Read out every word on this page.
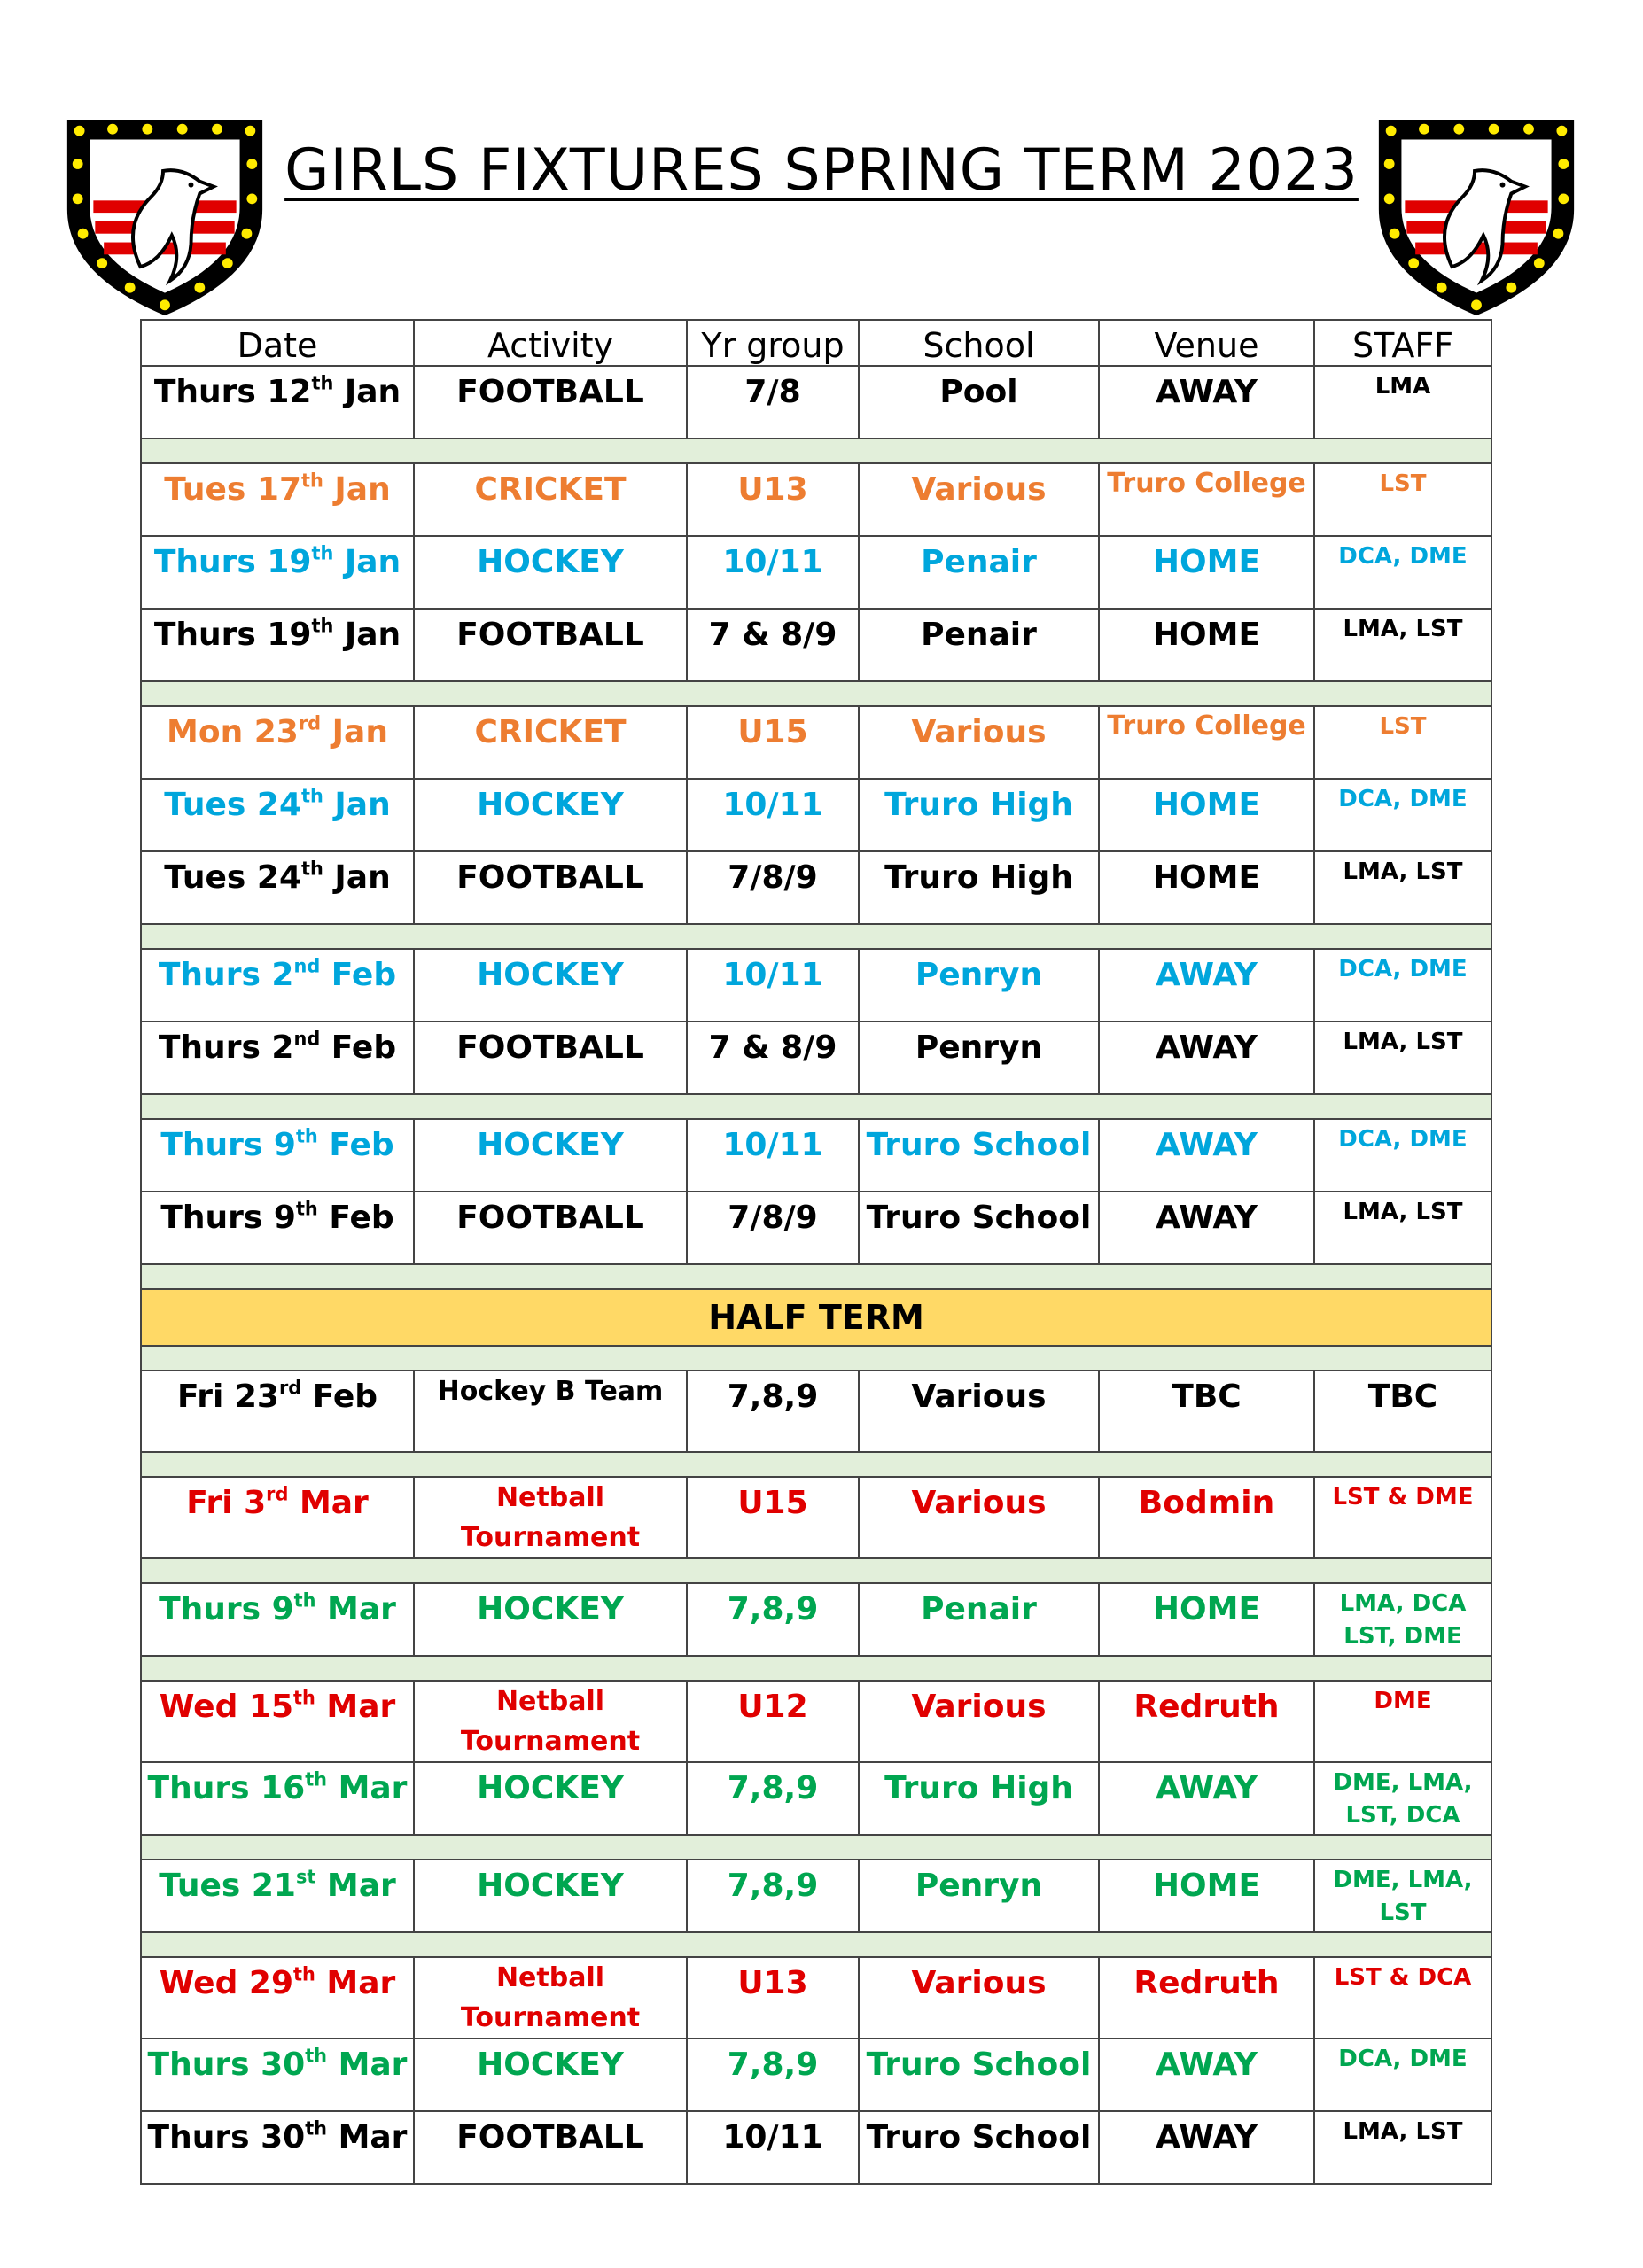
GIRLS FIXTURES SPRING TERM 2023
Date	Activity	Yr group	School	Venue	STAFF
Thurs 12th Jan	FOOTBALL	7/8	Pool	AWAY	LMA

Tues 17th Jan	CRICKET	U13	Various	Truro College	LST
Thurs 19th Jan	HOCKEY	10/11	Penair	HOME	DCA, DME
Thurs 19th Jan	FOOTBALL	7 & 8/9	Penair	HOME	LMA, LST

Mon 23rd Jan	CRICKET	U15	Various	Truro College	LST
Tues 24th Jan	HOCKEY	10/11	Truro High	HOME	DCA, DME
Tues 24th Jan	FOOTBALL	7/8/9	Truro High	HOME	LMA, LST

Thurs 2nd Feb	HOCKEY	10/11	Penryn	AWAY	DCA, DME
Thurs 2nd Feb	FOOTBALL	7 & 8/9	Penryn	AWAY	LMA, LST

Thurs 9th Feb	HOCKEY	10/11	Truro School	AWAY	DCA, DME
Thurs 9th Feb	FOOTBALL	7/8/9	Truro School	AWAY	LMA, LST

HALF TERM					

Fri 23rd Feb	Hockey B Team	7,8,9	Various	TBC	TBC

Fri 3rd Mar	Netball Tournament	U15	Various	Bodmin	LST & DME

Thurs 9th Mar	HOCKEY	7,8,9	Penair	HOME	LMA, DCA LST, DME

Wed 15th Mar	Netball Tournament	U12	Various	Redruth	DME
Thurs 16th Mar	HOCKEY	7,8,9	Truro High	AWAY	DME, LMA, LST, DCA

Tues 21st Mar	HOCKEY	7,8,9	Penryn	HOME	DME, LMA, LST

Wed 29th Mar	Netball Tournament	U13	Various	Redruth	LST & DCA
Thurs 30th Mar	HOCKEY	7,8,9	Truro School	AWAY	DCA, DME
Thurs 30th Mar	FOOTBALL	10/11	Truro School	AWAY	LMA, LST
